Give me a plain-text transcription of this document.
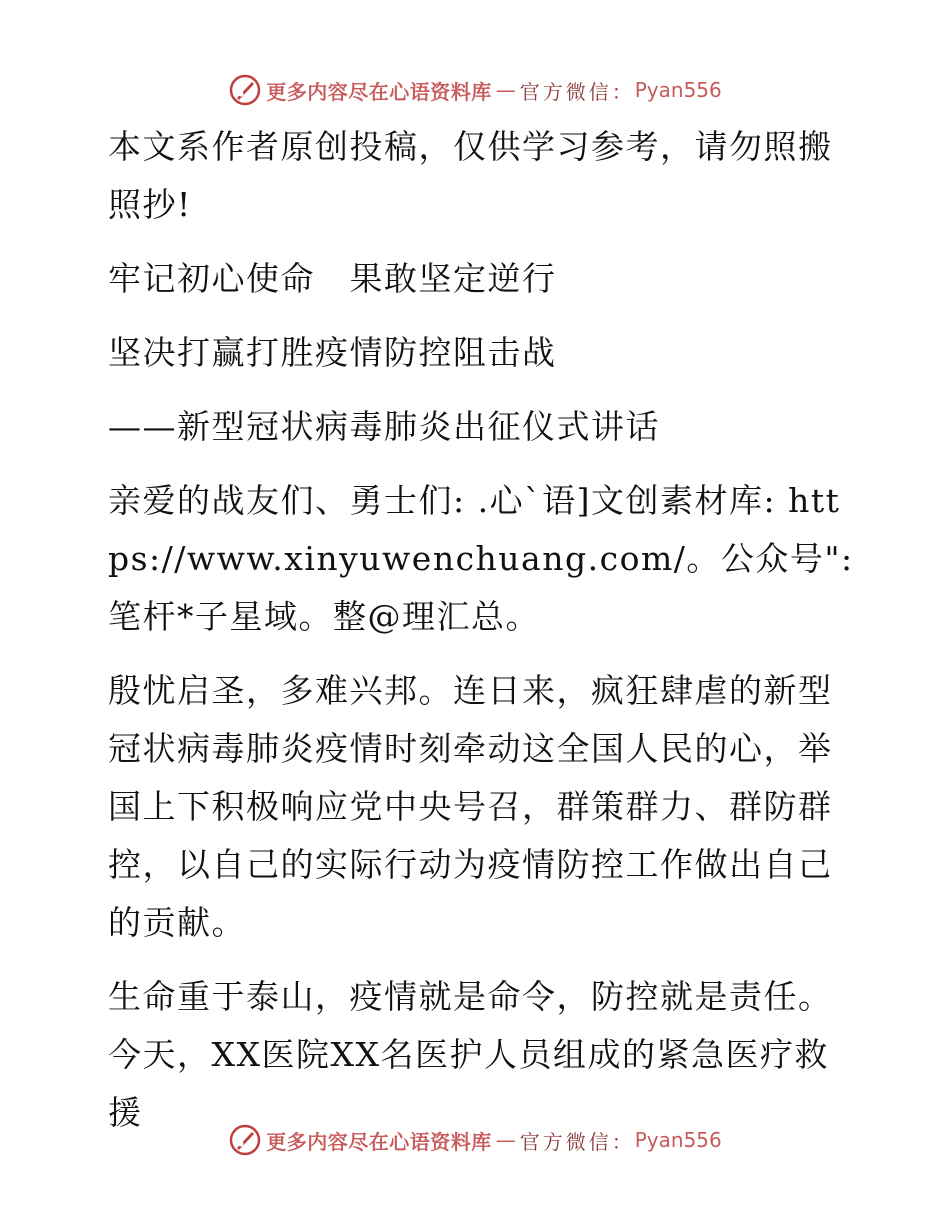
更多内容尽在心语资料库 — 官方微信： Pyan556

本文系作者原创投稿，仅供学习参考，请勿照搬照抄!

牢记初心使命　果敢坚定逆行

坚决打赢打胜疫情防控阻击战

——新型冠状病毒肺炎出征仪式讲话

亲爱的战友们、勇士们: .心`语]文创素材库: https://www.xinyuwenchuang.com/。公众号": 笔杆*子星域。整@理汇总。

殷忧启圣，多难兴邦。连日来，疯狂肆虐的新型冠状病毒肺炎疫情时刻牵动这全国人民的心，举国上下积极响应党中央号召，群策群力、群防群控，以自己的实际行动为疫情防控工作做出自己的贡献。

生命重于泰山，疫情就是命令，防控就是责任。今天，XX医院XX名医护人员组成的紧急医疗救援

更多内容尽在心语资料库 — 官方微信： Pyan556
